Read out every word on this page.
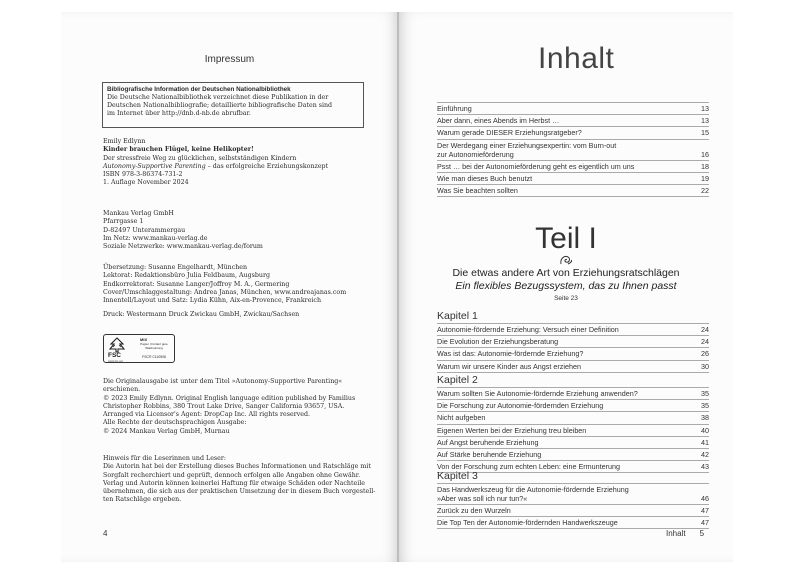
Impressum
Bibliografische Information der Deutschen Nationalbibliothek
Die Deutsche Nationalbibliothek verzeichnet diese Publikation in der
Deutschen Nationalbibliografie; detaillierte bibliografische Daten sind
im Internet über http://dnb.d-nb.de abrufbar.
Emily Edlynn
Kinder brauchen Flügel, keine Helikopter!
Der stressfreie Weg zu glücklichen, selbstständigen Kindern
Autonomy-Supportive Parenting – das erfolgreiche Erziehungskonzept
ISBN 978-3-86374-731-2
1. Auflage November 2024
Mankau Verlag GmbH
Pfarrgasse 1
D-82497 Unterammergau
Im Netz: www.mankau-verlag.de
Soziale Netzwerke: www.mankau-verlag.de/forum
Übersetzung: Susanne Engelhardt, München
Lektorat: Redaktionsbüro Julia Feldbaum, Augsburg
Endkorrektorat: Susanne Langer/Joffroy M. A., Germering
Cover/Umschlaggestaltung: Andrea Janas, München, www.andreajanas.com
Innentell/Layout und Satz: Lydia Kühn, Aix-en-Provence, Frankreich
Druck: Westermann Druck Zwickau GmbH, Zwickau/Sachsen
FSC
www.fsc.org
MIX
Papier | Fördert gute Waldnutzung
FSC® C110508
Die Originalausgabe ist unter dem Titel »Autonomy-Supportive Parenting«
erschienen.
© 2023 Emily Edlynn. Original English language edition published by Familius
Christopher Robbins, 380 Trout Lake Drive, Sanger California 93657, USA.
Arranged via Licensor's Agent: DropCap Inc. All rights reserved.
Alle Rechte der deutschsprachigen Ausgabe:
© 2024 Mankau Verlag GmbH, Murnau
Hinweis für die Leserinnen und Leser:
Die Autorin hat bei der Erstellung dieses Buches Informationen und Ratschläge mit
Sorgfalt recherchiert und geprüft, dennoch erfolgen alle Angaben ohne Gewähr.
Verlag und Autorin können keinerlei Haftung für etwaige Schäden oder Nachteile
übernehmen, die sich aus der praktischen Umsetzung der in diesem Buch vorgestell-
ten Ratschläge ergeben.
4
Inhalt
Einführung	13
Aber dann, eines Abends im Herbst …	13
Warum gerade DIESER Erziehungsratgeber?	15
Der Werdegang einer Erziehungsexpertin: vom Burn-out
zur Autonomieförderung	16
Psst … bei der Autonomieförderung geht es eigentlich um uns	18
Wie man dieses Buch benutzt	19
Was Sie beachten sollten	22
Teil I
Die etwas andere Art von Erziehungsratschlägen
Ein flexibles Bezugssystem, das zu Ihnen passt
Seite 23
Kapitel 1
Autonomie-fördernde Erziehung: Versuch einer Definition	24
Die Evolution der Erziehungsberatung	24
Was ist das: Autonomie-fördernde Erziehung?	26
Warum wir unsere Kinder aus Angst erziehen	30
Kapitel 2
Warum sollten Sie Autonomie-fördernde Erziehung anwenden?	35
Die Forschung zur Autonomie-fördernden Erziehung	35
Nicht aufgeben	38
Eigenen Werten bei der Erziehung treu bleiben	40
Auf Angst beruhende Erziehung	41
Auf Stärke beruhende Erziehung	42
Von der Forschung zum echten Leben: eine Ermunterung	43
Kapitel 3
Das Handwerkszeug für die Autonomie-fördernde Erziehung
»Aber was soll ich nur tun?«	46
Zurück zu den Wurzeln	47
Die Top Ten der Autonomie-fördernden Handwerkszeuge	47
Inhalt 5
